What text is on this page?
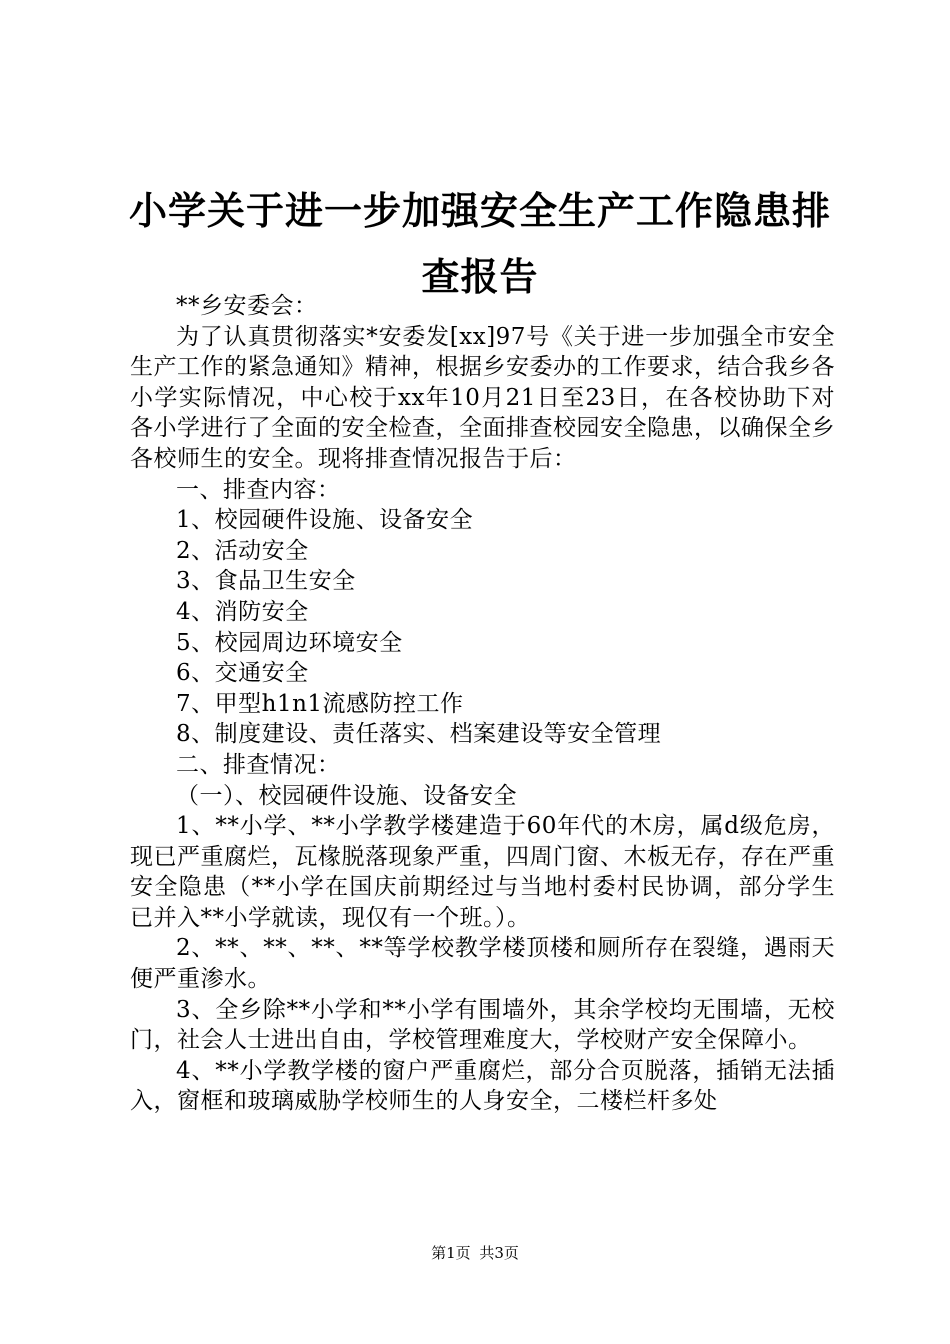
小学关于进一步加强安全生产工作隐患排查报告

**乡安委会：

为了认真贯彻落实*安委发[xx]97号《关于进一步加强全市安全生产工作的紧急通知》精神，根据乡安委办的工作要求，结合我乡各小学实际情况，中心校于xx年10月21日至23日，在各校协助下对各小学进行了全面的安全检查，全面排查校园安全隐患，以确保全乡各校师生的安全。现将排查情况报告于后：

一、排查内容：

1、校园硬件设施、设备安全

2、活动安全

3、食品卫生安全

4、消防安全

5、校园周边环境安全

6、交通安全

7、甲型h1n1流感防控工作

8、制度建设、责任落实、档案建设等安全管理

二、排查情况：

（一）、校园硬件设施、设备安全

1、**小学、**小学教学楼建造于60年代的木房，属d级危房，现已严重腐烂，瓦椽脱落现象严重，四周门窗、木板无存，存在严重安全隐患（**小学在国庆前期经过与当地村委村民协调，部分学生已并入**小学就读，现仅有一个班。）。

2、**、**、**、**等学校教学楼顶楼和厕所存在裂缝，遇雨天便严重渗水。

3、全乡除**小学和**小学有围墙外，其余学校均无围墙，无校门，社会人士进出自由，学校管理难度大，学校财产安全保障小。

4、**小学教学楼的窗户严重腐烂，部分合页脱落，插销无法插入，窗框和玻璃威胁学校师生的人身安全，二楼栏杆多处

第1页 共3页
